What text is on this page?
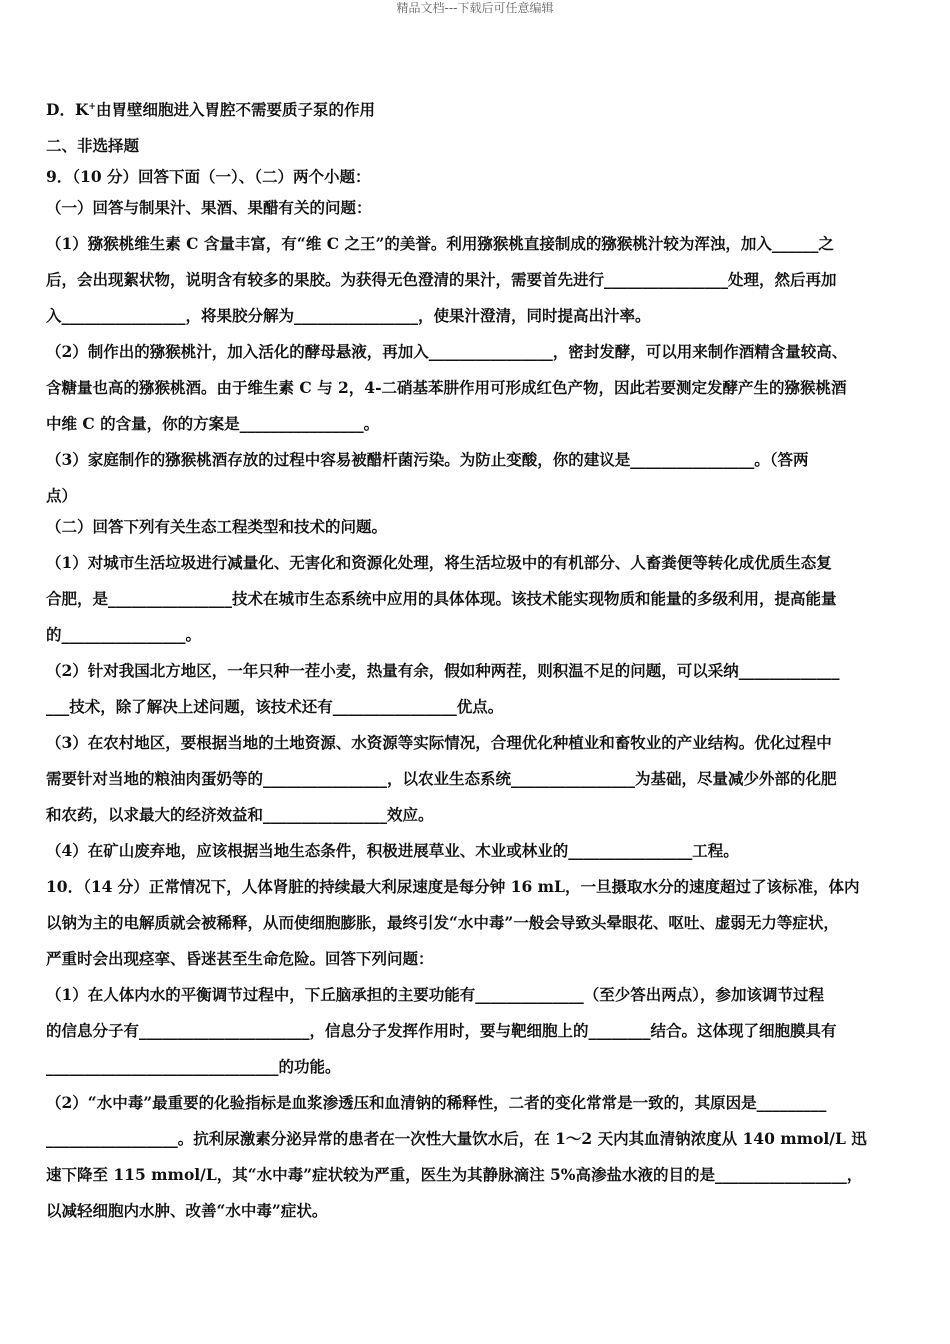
精品文档---下载后可任意编辑
D．K+由胃壁细胞进入胃腔不需要质子泵的作用
二、非选择题
9．（10 分）回答下面（一）、（二）两个小题：
（一）回答与制果汁、果酒、果醋有关的问题：
（1）猕猴桃维生素 C 含量丰富，有“维 C 之王”的美誉。利用猕猴桃直接制成的猕猴桃汁较为浑浊，加入______之
后，会出现絮状物，说明含有较多的果胶。为获得无色澄清的果汁，需要首先进行________________处理，然后再加
入________________，将果胶分解为________________，使果汁澄清，同时提高出汁率。
（2）制作出的猕猴桃汁，加入活化的酵母悬液，再加入________________，密封发酵，可以用来制作酒精含量较高、
含糖量也高的猕猴桃酒。由于维生素 C 与 2，4-二硝基苯肼作用可形成红色产物，因此若要测定发酵产生的猕猴桃酒
中维 C 的含量，你的方案是________________。
（3）家庭制作的猕猴桃酒存放的过程中容易被醋杆菌污染。为防止变酸，你的建议是________________。（答两
点）
（二）回答下列有关生态工程类型和技术的问题。
（1）对城市生活垃圾进行减量化、无害化和资源化处理，将生活垃圾中的有机部分、人畜粪便等转化成优质生态复
合肥，是________________技术在城市生态系统中应用的具体体现。该技术能实现物质和能量的多级利用，提高能量
的________________。
（2）针对我国北方地区，一年只种一茬小麦，热量有余，假如种两茬，则积温不足的问题，可以采纳_____________
___技术，除了解决上述问题，该技术还有________________优点。
（3）在农村地区，要根据当地的土地资源、水资源等实际情况，合理优化种植业和畜牧业的产业结构。优化过程中
需要针对当地的粮油肉蛋奶等的________________，以农业生态系统________________为基础，尽量减少外部的化肥
和农药，以求最大的经济效益和________________效应。
（4）在矿山废弃地，应该根据当地生态条件，积极进展草业、木业或林业的________________工程。
10．（14 分）正常情况下，人体肾脏的持续最大利尿速度是每分钟 16 mL，一旦摄取水分的速度超过了该标准，体内
以钠为主的电解质就会被稀释，从而使细胞膨胀，最终引发“水中毒”一般会导致头晕眼花、呕吐、虚弱无力等症状，
严重时会出现痉挛、昏迷甚至生命危险。回答下列问题：
（1）在人体内水的平衡调节过程中，下丘脑承担的主要功能有______________（至少答出两点），参加该调节过程
的信息分子有______________________，信息分子发挥作用时，要与靶细胞上的________结合。这体现了细胞膜具有
______________________________的功能。
（2）“水中毒”最重要的化验指标是血浆渗透压和血清钠的稀释性，二者的变化常常是一致的，其原因是_________
_________________。抗利尿激素分泌异常的患者在一次性大量饮水后，在 1～2 天内其血清钠浓度从 140 mmol/L 迅
速下降至 115 mmol/L，其“水中毒”症状较为严重，医生为其静脉滴注 5%高渗盐水液的目的是_________________，
以减轻细胞内水肿、改善“水中毒”症状。
